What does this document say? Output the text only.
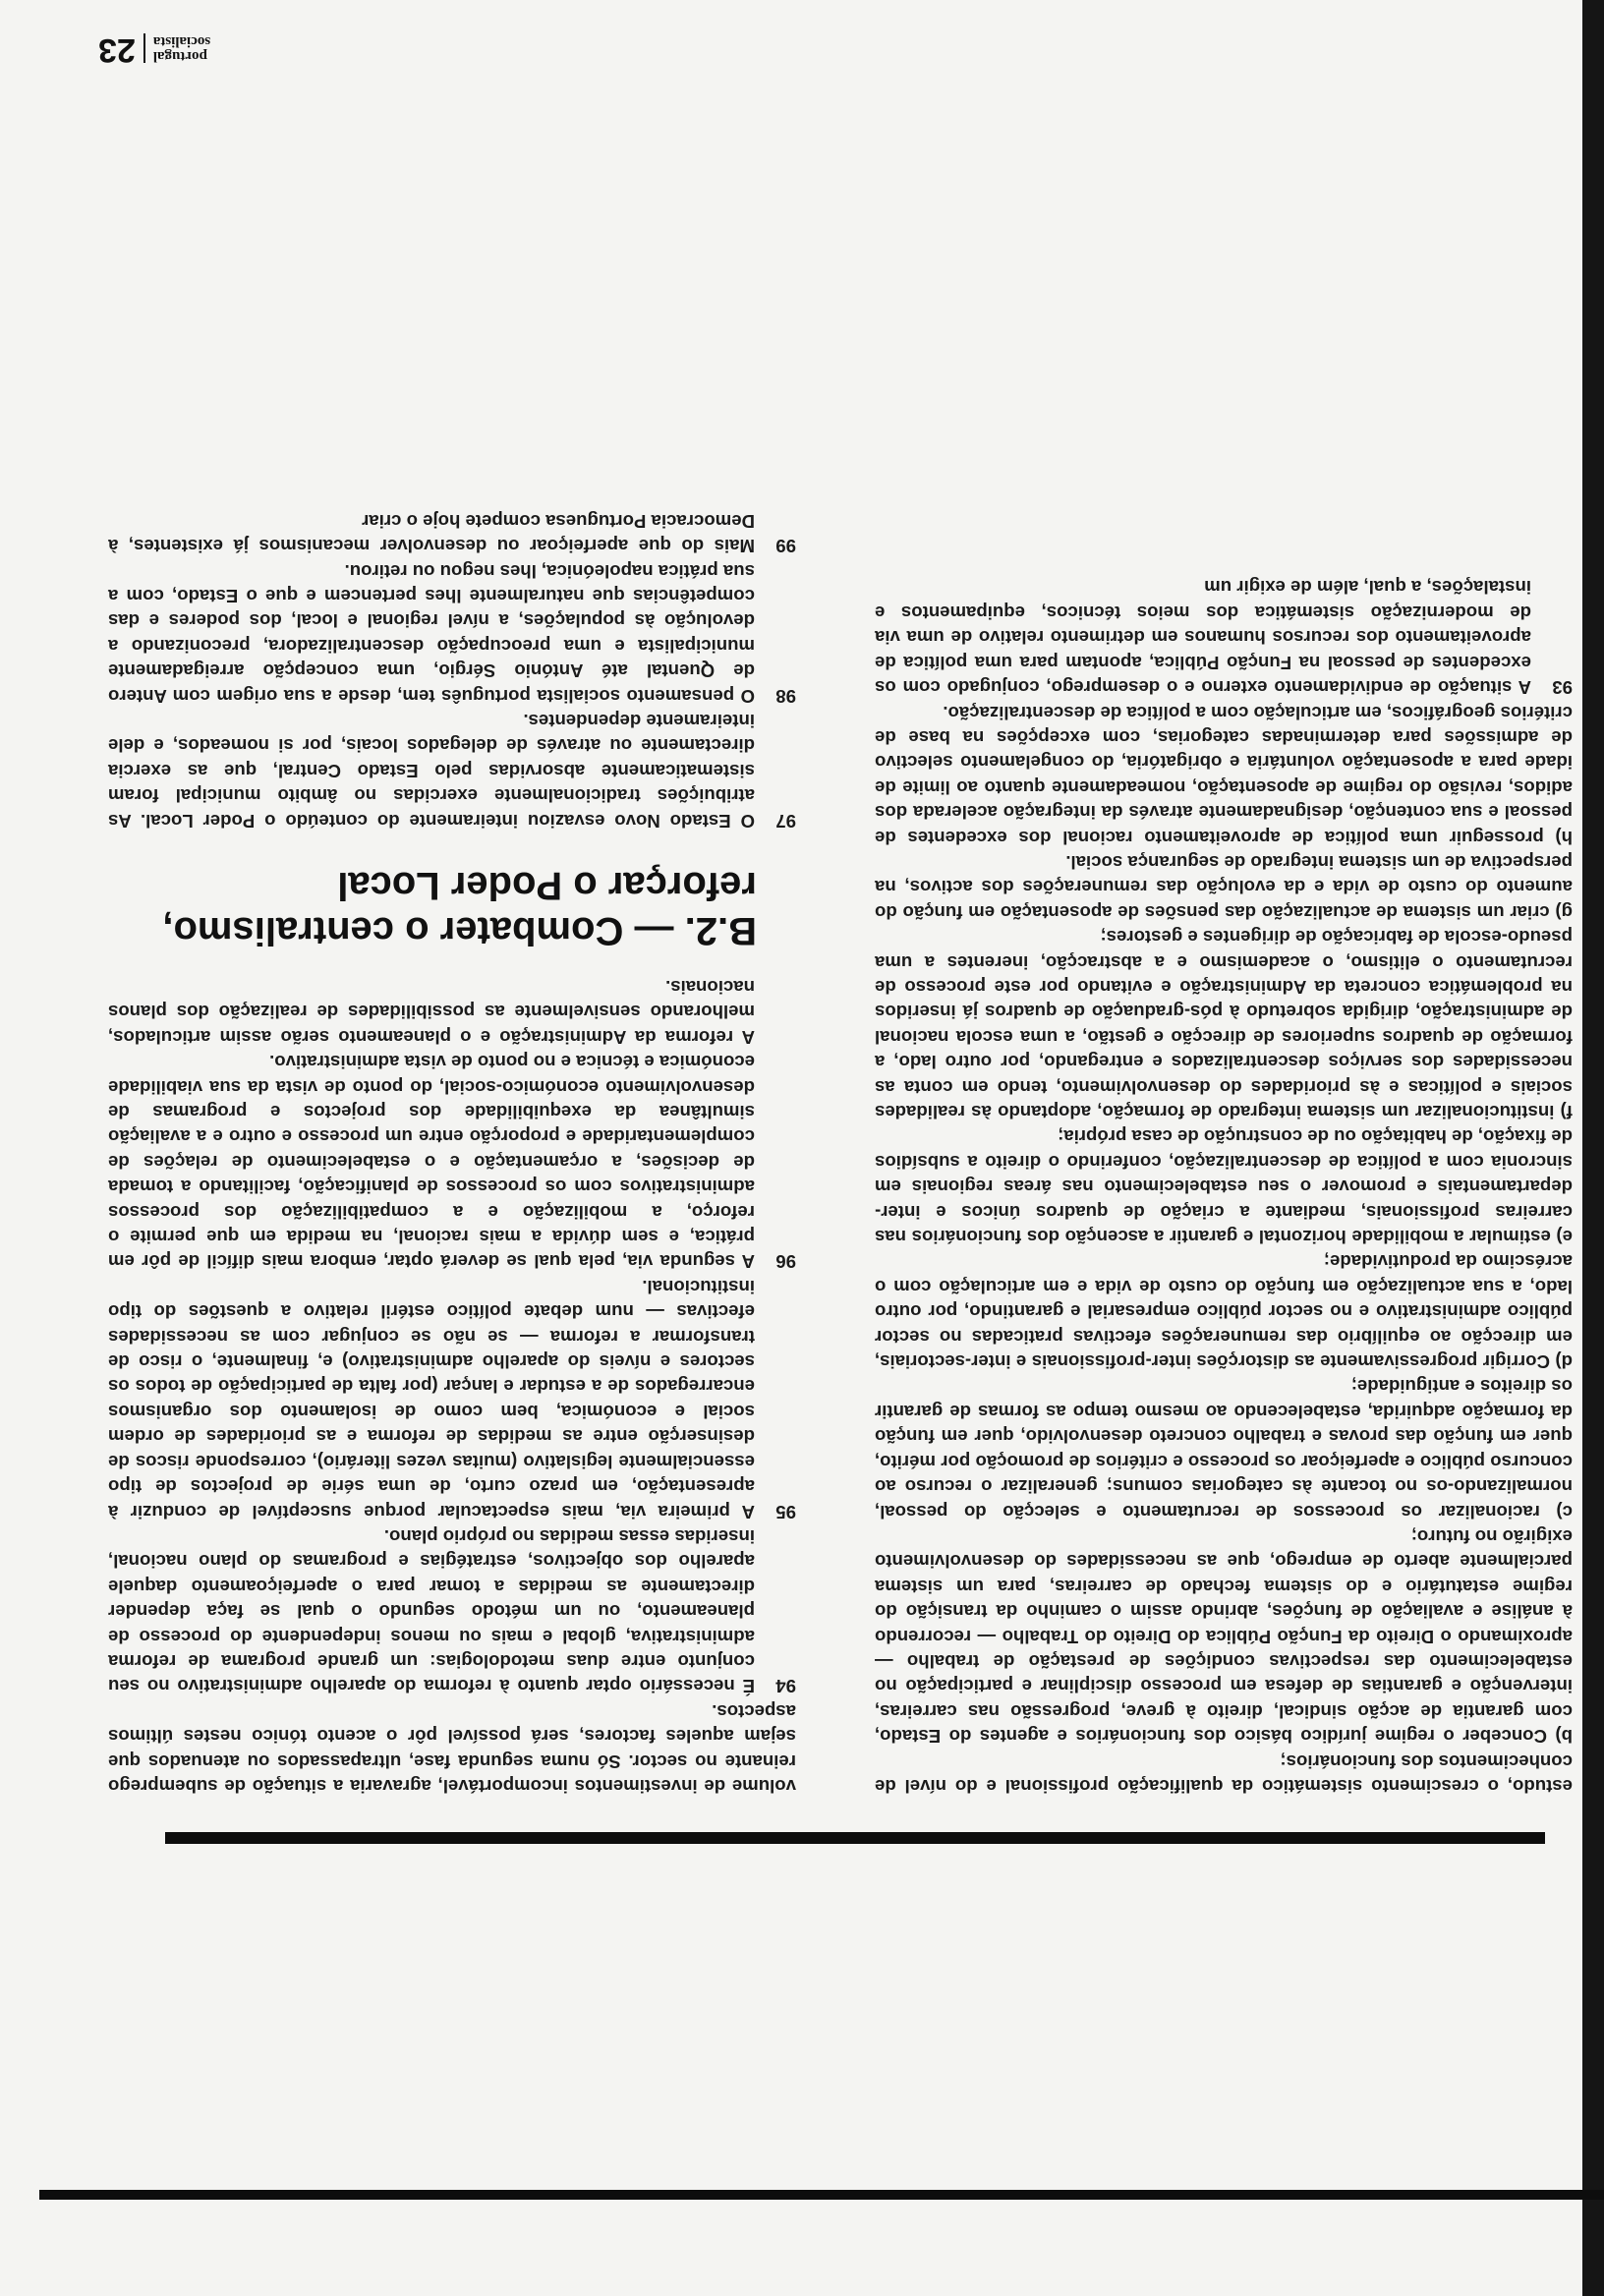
estudo, o crescimento sistemático da qualificação profissional e do nível de conhecimentos dos funcionários;

b) Conceber o regime jurídico básico dos funcionários e agentes do Estado, com garantia de acção sindical, direito à greve, progressão nas carreiras, intervenção e garantias de defesa em processo disciplinar e participação no estabelecimento das respectivas condições de prestação de trabalho — aproximando o Direito da Função Pública do Direito do Trabalho — recorrendo à análise e avaliação de funções, abrindo assim o caminho da transição do regime estatutário e do sistema fechado de carreiras, para um sistema parcialmente aberto de emprego, que as necessidades do desenvolvimento exigirão no futuro;

c) racionalizar os processos de recrutamento e selecção do pessoal, normalizando-os no tocante às categorias comuns; generalizar o recurso ao concurso público e aperfeiçoar os processo e critérios de promoção por mérito, quer em função das provas e trabalho concreto desenvolvido, quer em função da formação adquirida, estabelecendo ao mesmo tempo as formas de garantir os direitos e antiguidade;

d) Corrigir progressivamente as distorções inter-profissionais e inter-sectoriais, em direcção ao equilíbrio das remunerações efectivas praticadas no sector público administrativo e no sector público empresarial e garantindo, por outro lado, a sua actualização em função do custo de vida e em articulação com o acréscimo da produtividade;

e) estimular a mobilidade horizontal e garantir a ascenção dos funcionários nas carreiras profissionais, mediante a criação de quadros únicos e inter-departamentais e promover o seu estabelecimento nas áreas regionais em sincronia com a política de descentralização, conferindo o direito a subsídios de fixação, de habitação ou de construção de casa própria;

f) institucionalizar um sistema integrado de formação, adoptando às realidades sociais e políticas e às prioridades do desenvolvimento, tendo em conta as necessidades dos serviços descentralizados e entregando, por outro lado, a formação de quadros superiores de direcção e gestão, a uma escola nacional de administração, dirigida sobretudo à pós-graduação de quadros já inseridos na problemática concreta da Administração e evitando por este processo de recrutamento o elitismo, o academismo e a abstracção, inerentes a uma pseudo-escola de fabricação de dirigentes e gestores;

g) criar um sistema de actualização das pensões de aposentação em função do aumento do custo de vida e da evolução das remunerações dos activos, na perspectiva de um sistema integrado de segurança social.

h) prosseguir uma política de aproveitamento racional dos excedentes de pessoal e sua contenção, designadamente através da integração acelerada dos adidos, revisão do regime de aposentação, nomeadamente quanto ao limite de idade para a aposentação voluntária e obrigatória, do congelamento selectivo de admissões para determinadas categorias, com excepções na base de critérios geográficos, em articulação com a política de descentralização.

93
A situação de endividamento externo e o desemprego, conjugado com os excedentes de pessoal na Função Pública, apontam para uma política de aproveitamento dos recursos humanos em detrimento relativo de uma via de modernização sistemática dos meios técnicos, equipamentos e instalações, a qual, além de exigir um

volume de investimentos incomportável, agravaria a situação de subemprego reinante no sector. Só numa segunda fase, ultrapassados ou atenuados que sejam aqueles factores, será possível pôr o acento tónico nestes últimos aspectos.

94
É necessário optar quanto à reforma do aparelho administrativo no seu conjunto entre duas metodologias: um grande programa de reforma administrativa, global e mais ou menos independente do processo de planeamento, ou um método segundo o qual se faça depender directamente as medidas a tomar para o aperfeiçoamento daquele aparelho dos objectivos, estratégias e programas do plano nacional, inseridas essas medidas no próprio plano.
95
A primeira via, mais espectacular porque susceptível de conduzir à apresentação, em prazo curto, de uma série de projectos de tipo essencialmente legislativo (muitas vezes literário), corresponde riscos de desinserção entre as medidas de reforma e as prioridades de ordem social e económica, bem como de isolamento dos organismos encarregados de a estudar e lançar (por falta de participação de todos os sectores e níveis do aparelho administrativo) e, finalmente, o risco de transformar a reforma — se não se conjugar com as necessidades efectivas — num debate político estéril relativo a questões do tipo institucional.
96
A segunda via, pela qual se deverá optar, embora mais difícil de pôr em prática, e sem dúvida a mais racional, na medida em que permite o reforço, a mobilização e a compatibilização dos processos administrativos com os processos de planificação, facilitando a tomada de decisões, a orçamentação e o estabelecimento de relações de complementaridade e proporção entre um processo e outro e a avaliação simultânea da exequibilidade dos projectos e programas de desenvolvimento económico-social, do ponto de vista da sua viabilidade económica e técnica e no ponto de vista administrativo.
A reforma da Administração e o planeamento serão assim articulados, melhorando sensivelmente as possibilidades de realização dos planos nacionais.
B.2. — Combater o centralismo, reforçar o Poder Local
97
O Estado Novo esvaziou inteiramente do conteúdo o Poder Local. As atribuições tradicionalmente exercidas no âmbito municipal foram sistematicamente absorvidas pelo Estado Central, que as exercia directamente ou através de delegados locais, por si nomeados, e dele inteiramente dependentes.
98
O pensamento socialista português tem, desde a sua origem com Antero de Quental até António Sérgio, uma concepção arreigadamente municipalista e uma preocupação descentralizadora, preconizando a devolução às populações, a nível regional e local, dos poderes e das competências que naturalmente lhes pertencem e que o Estado, com a sua prática napoleónica, lhes negou ou retirou.
99
Mais do que aperfeiçoar ou desenvolver mecanismos já existentes, à Democracia Portuguesa compete hoje o criar
portugal
socialista
23
